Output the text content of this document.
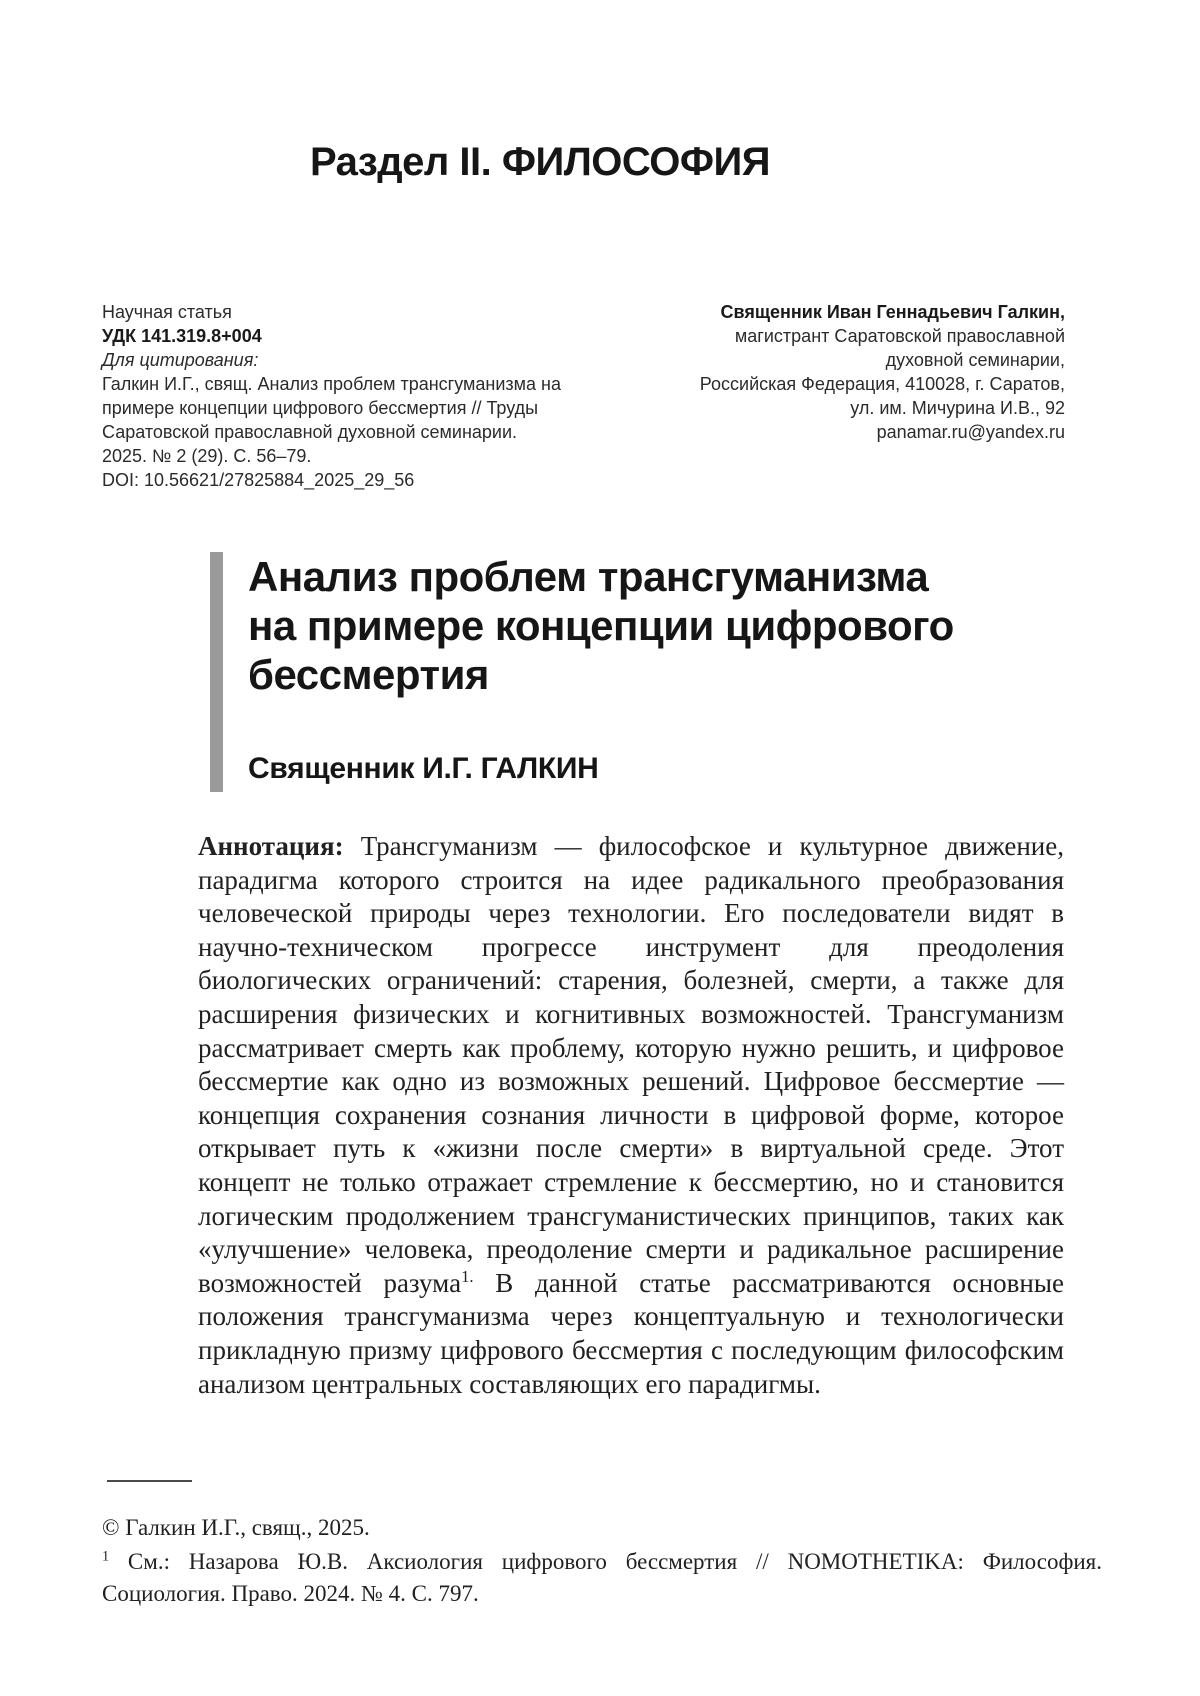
Раздел II. ФИЛОСОФИЯ
Научная статья
УДК 141.319.8+004
Для цитирования:
Галкин И.Г., свящ. Анализ проблем трансгуманизма на примере концепции цифрового бессмертия // Труды Саратовской православной духовной семинарии. 2025. № 2 (29). С. 56–79.
DOI: 10.56621/27825884_2025_29_56
Священник Иван Геннадьевич Галкин,
магистрант Саратовской православной
духовной семинарии,
Российская Федерация, 410028, г. Саратов,
ул. им. Мичурина И.В., 92
panamar.ru@yandex.ru
Анализ проблем трансгуманизма
на примере концепции цифрового
бессмертия
Священник И.Г. ГАЛКИН

Аннотация: Трансгуманизм — философское и культурное движение, парадигма которого строится на идее радикального преобразования человеческой природы через технологии. Его последователи видят в научно-техническом прогрессе инструмент для преодоления биологических ограничений: старения, болезней, смерти, а также для расширения физических и когнитивных возможностей. Трансгуманизм рассматривает смерть как проблему, которую нужно решить, и цифровое бессмертие как одно из возможных решений. Цифровое бессмертие — концепция сохранения сознания личности в цифровой форме, которое открывает путь к «жизни после смерти» в виртуальной среде. Этот концепт не только отражает стремление к бессмертию, но и становится логическим продолжением трансгуманистических принципов, таких как «улучшение» человека, преодоление смерти и радикальное расширение возможностей разума$^{1.}$ В данной статье рассматриваются основные положения трансгуманизма через концептуальную и технологически прикладную призму цифрового бессмертия с последующим философским анализом центральных составляющих его парадигмы.

© Галкин И.Г., свящ., 2025.

$^1$ См.: Назарова Ю.В. Аксиология цифрового бессмертия // NOMOTHETIKA: Философия. Социология. Право. 2024. № 4. С. 797.
